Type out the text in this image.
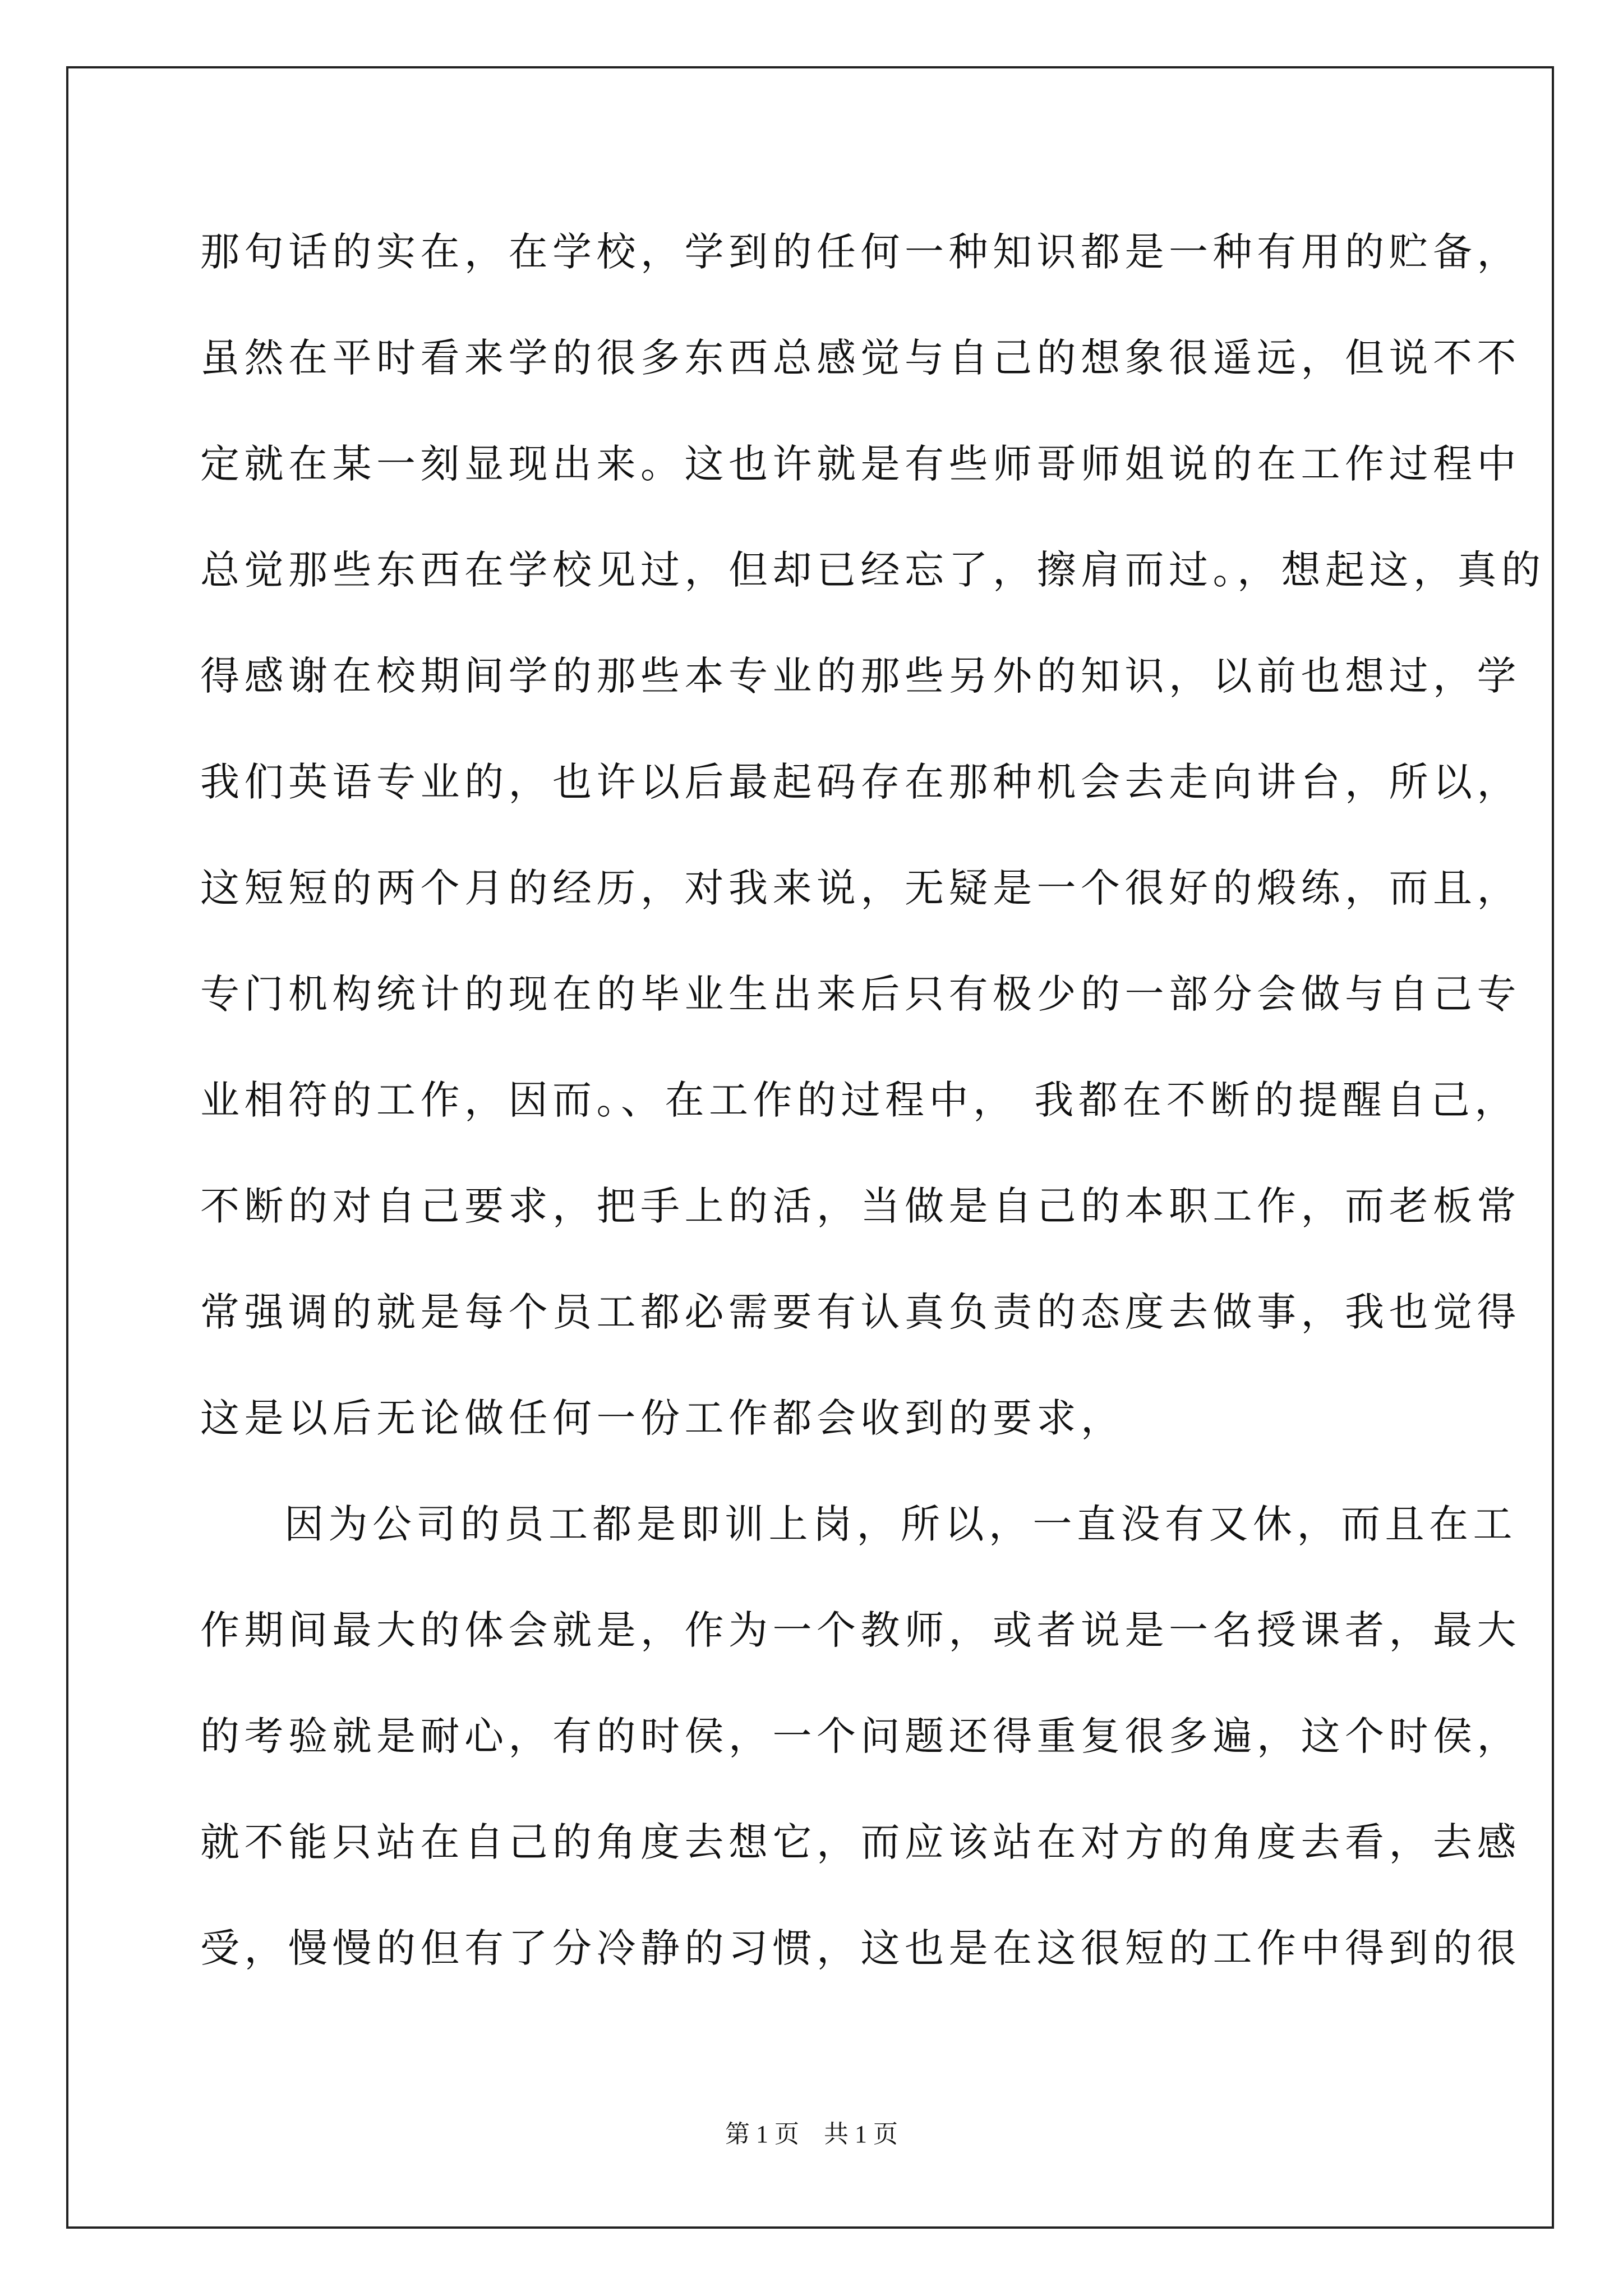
那句话的实在，在学校，学到的任何一种知识都是一种有用的贮备，
虽然在平时看来学的很多东西总感觉与自己的想象很遥远，但说不不
定就在某一刻显现出来。这也许就是有些师哥师姐说的在工作过程中
总觉那些东西在学校见过，但却已经忘了，擦肩而过。，想起这，真的
得感谢在校期间学的那些本专业的那些另外的知识，以前也想过，学
我们英语专业的，也许以后最起码存在那种机会去走向讲台，所以，
这短短的两个月的经历，对我来说，无疑是一个很好的煅练，而且，
专门机构统计的现在的毕业生出来后只有极少的一部分会做与自己专
业相符的工作，因而。、在工作的过程中， 我都在不断的提醒自己，
不断的对自己要求，把手上的活，当做是自己的本职工作，而老板常
常强调的就是每个员工都必需要有认真负责的态度去做事，我也觉得
这是以后无论做任何一份工作都会收到的要求，
因为公司的员工都是即训上岗，所以，一直没有又休，而且在工
作期间最大的体会就是，作为一个教师，或者说是一名授课者，最大
的考验就是耐心，有的时侯，一个问题还得重复很多遍，这个时侯，
就不能只站在自己的角度去想它，而应该站在对方的角度去看，去感
受，慢慢的但有了分冷静的习惯，这也是在这很短的工作中得到的很
第 1 页　共 1 页
